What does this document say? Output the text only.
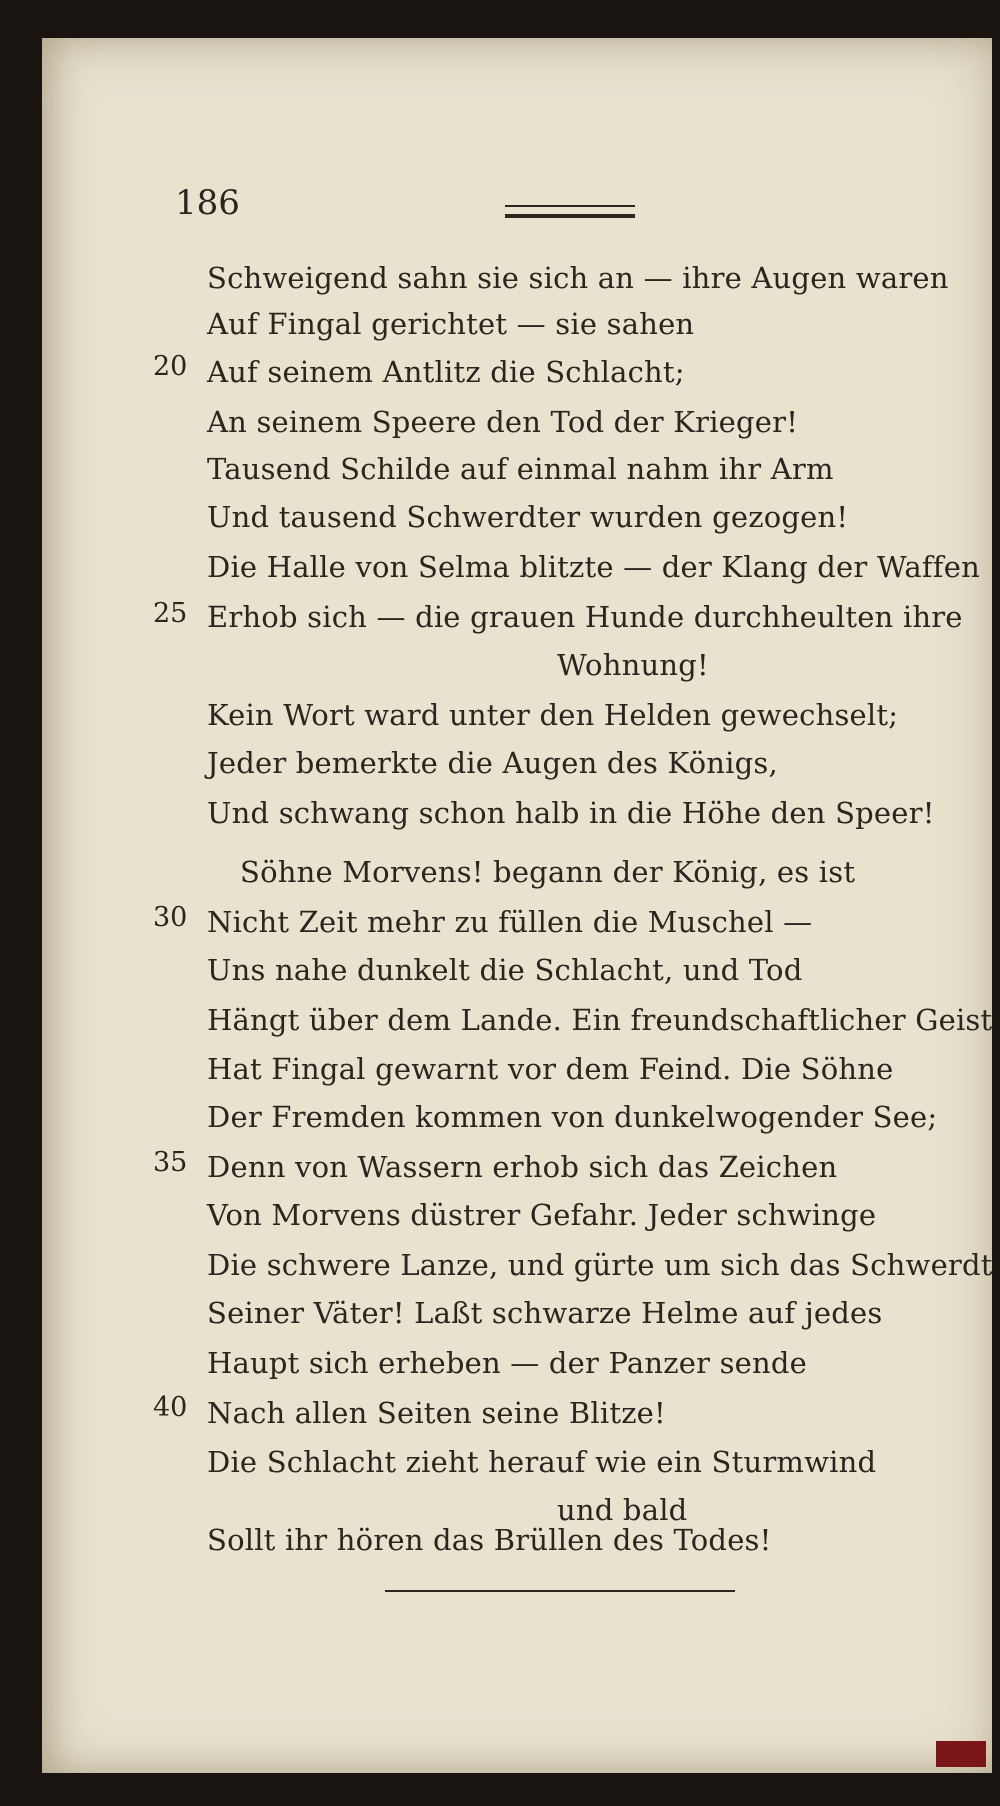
186
Schweigend sahn sie sich an — ihre Augen waren
Auf Fingal gerichtet — sie sahen
20 Auf seinem Antlitz die Schlacht;
An seinem Speere den Tod der Krieger!
Tausend Schilde auf einmal nahm ihr Arm
Und tausend Schwerdter wurden gezogen!
Die Halle von Selma blitzte — der Klang der Waffen
25 Erhob sich — die grauen Hunde durchheulten ihre
Wohnung!
Kein Wort ward unter den Helden gewechselt;
Jeder bemerkte die Augen des Königs,
Und schwang schon halb in die Höhe den Speer!
Söhne Morvens! begann der König, es ist
30 Nicht Zeit mehr zu füllen die Muschel —
Uns nahe dunkelt die Schlacht, und Tod
Hängt über dem Lande. Ein freundschaftlicher Geist
Hat Fingal gewarnt vor dem Feind. Die Söhne
Der Fremden kommen von dunkelwogender See;
35 Denn von Wassern erhob sich das Zeichen
Von Morvens düstrer Gefahr. Jeder schwinge
Die schwere Lanze, und gürte um sich das Schwerdt
Seiner Väter! Laßt schwarze Helme auf jedes
Haupt sich erheben — der Panzer sende
40 Nach allen Seiten seine Blitze!
Die Schlacht zieht herauf wie ein Sturmwind
und bald
Sollt ihr hören das Brüllen des Todes!
